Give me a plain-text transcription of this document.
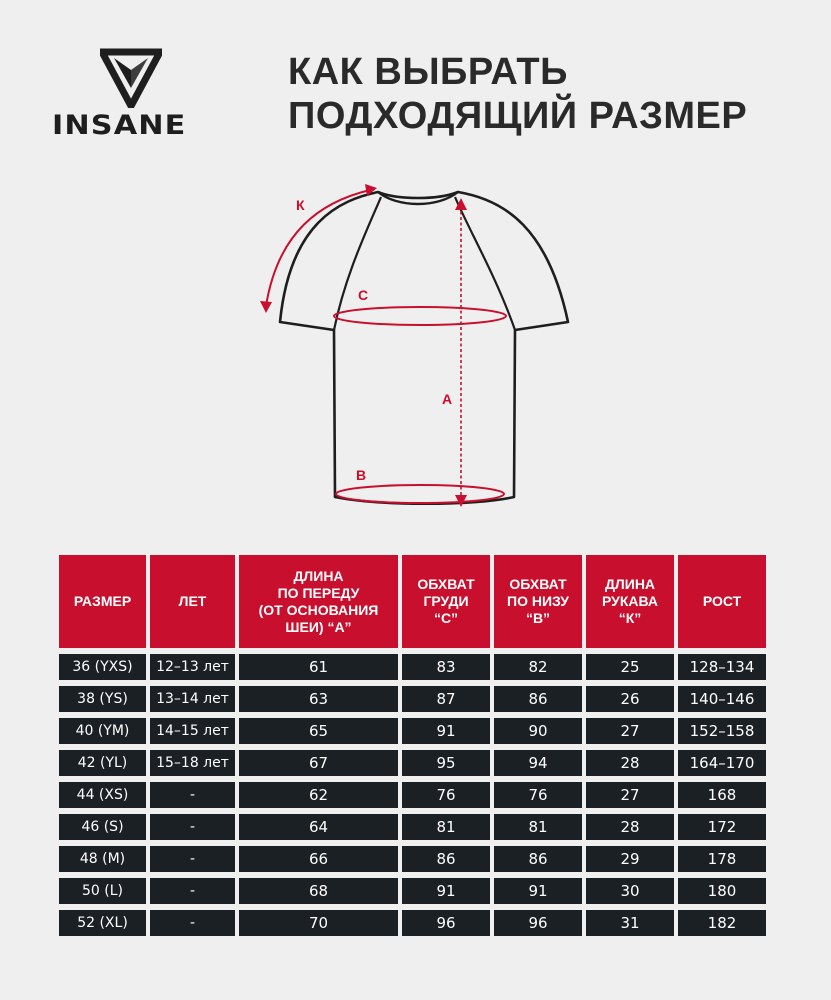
INSANE
КАК ВЫБРАТЬ
ПОДХОДЯЩИЙ РАЗМЕР
К
С
А
В
РАЗМЕР	ЛЕТ	ДЛИНА
ПО ПЕРЕДУ
(ОТ ОСНОВАНИЯ
ШЕИ) “А”	ОБХВАТ
ГРУДИ
“С”	ОБХВАТ
ПО НИЗУ
“В”	ДЛИНА
РУКАВА
“К”	РОСТ
36 (YXS)	12–13 лет	61	83	82	25	128–134
38 (YS)	13–14 лет	63	87	86	26	140–146
40 (YM)	14–15 лет	65	91	90	27	152–158
42 (YL)	15–18 лет	67	95	94	28	164–170
44 (XS)	-	62	76	76	27	168
46 (S)	-	64	81	81	28	172
48 (M)	-	66	86	86	29	178
50 (L)	-	68	91	91	30	180
52 (XL)	-	70	96	96	31	182
